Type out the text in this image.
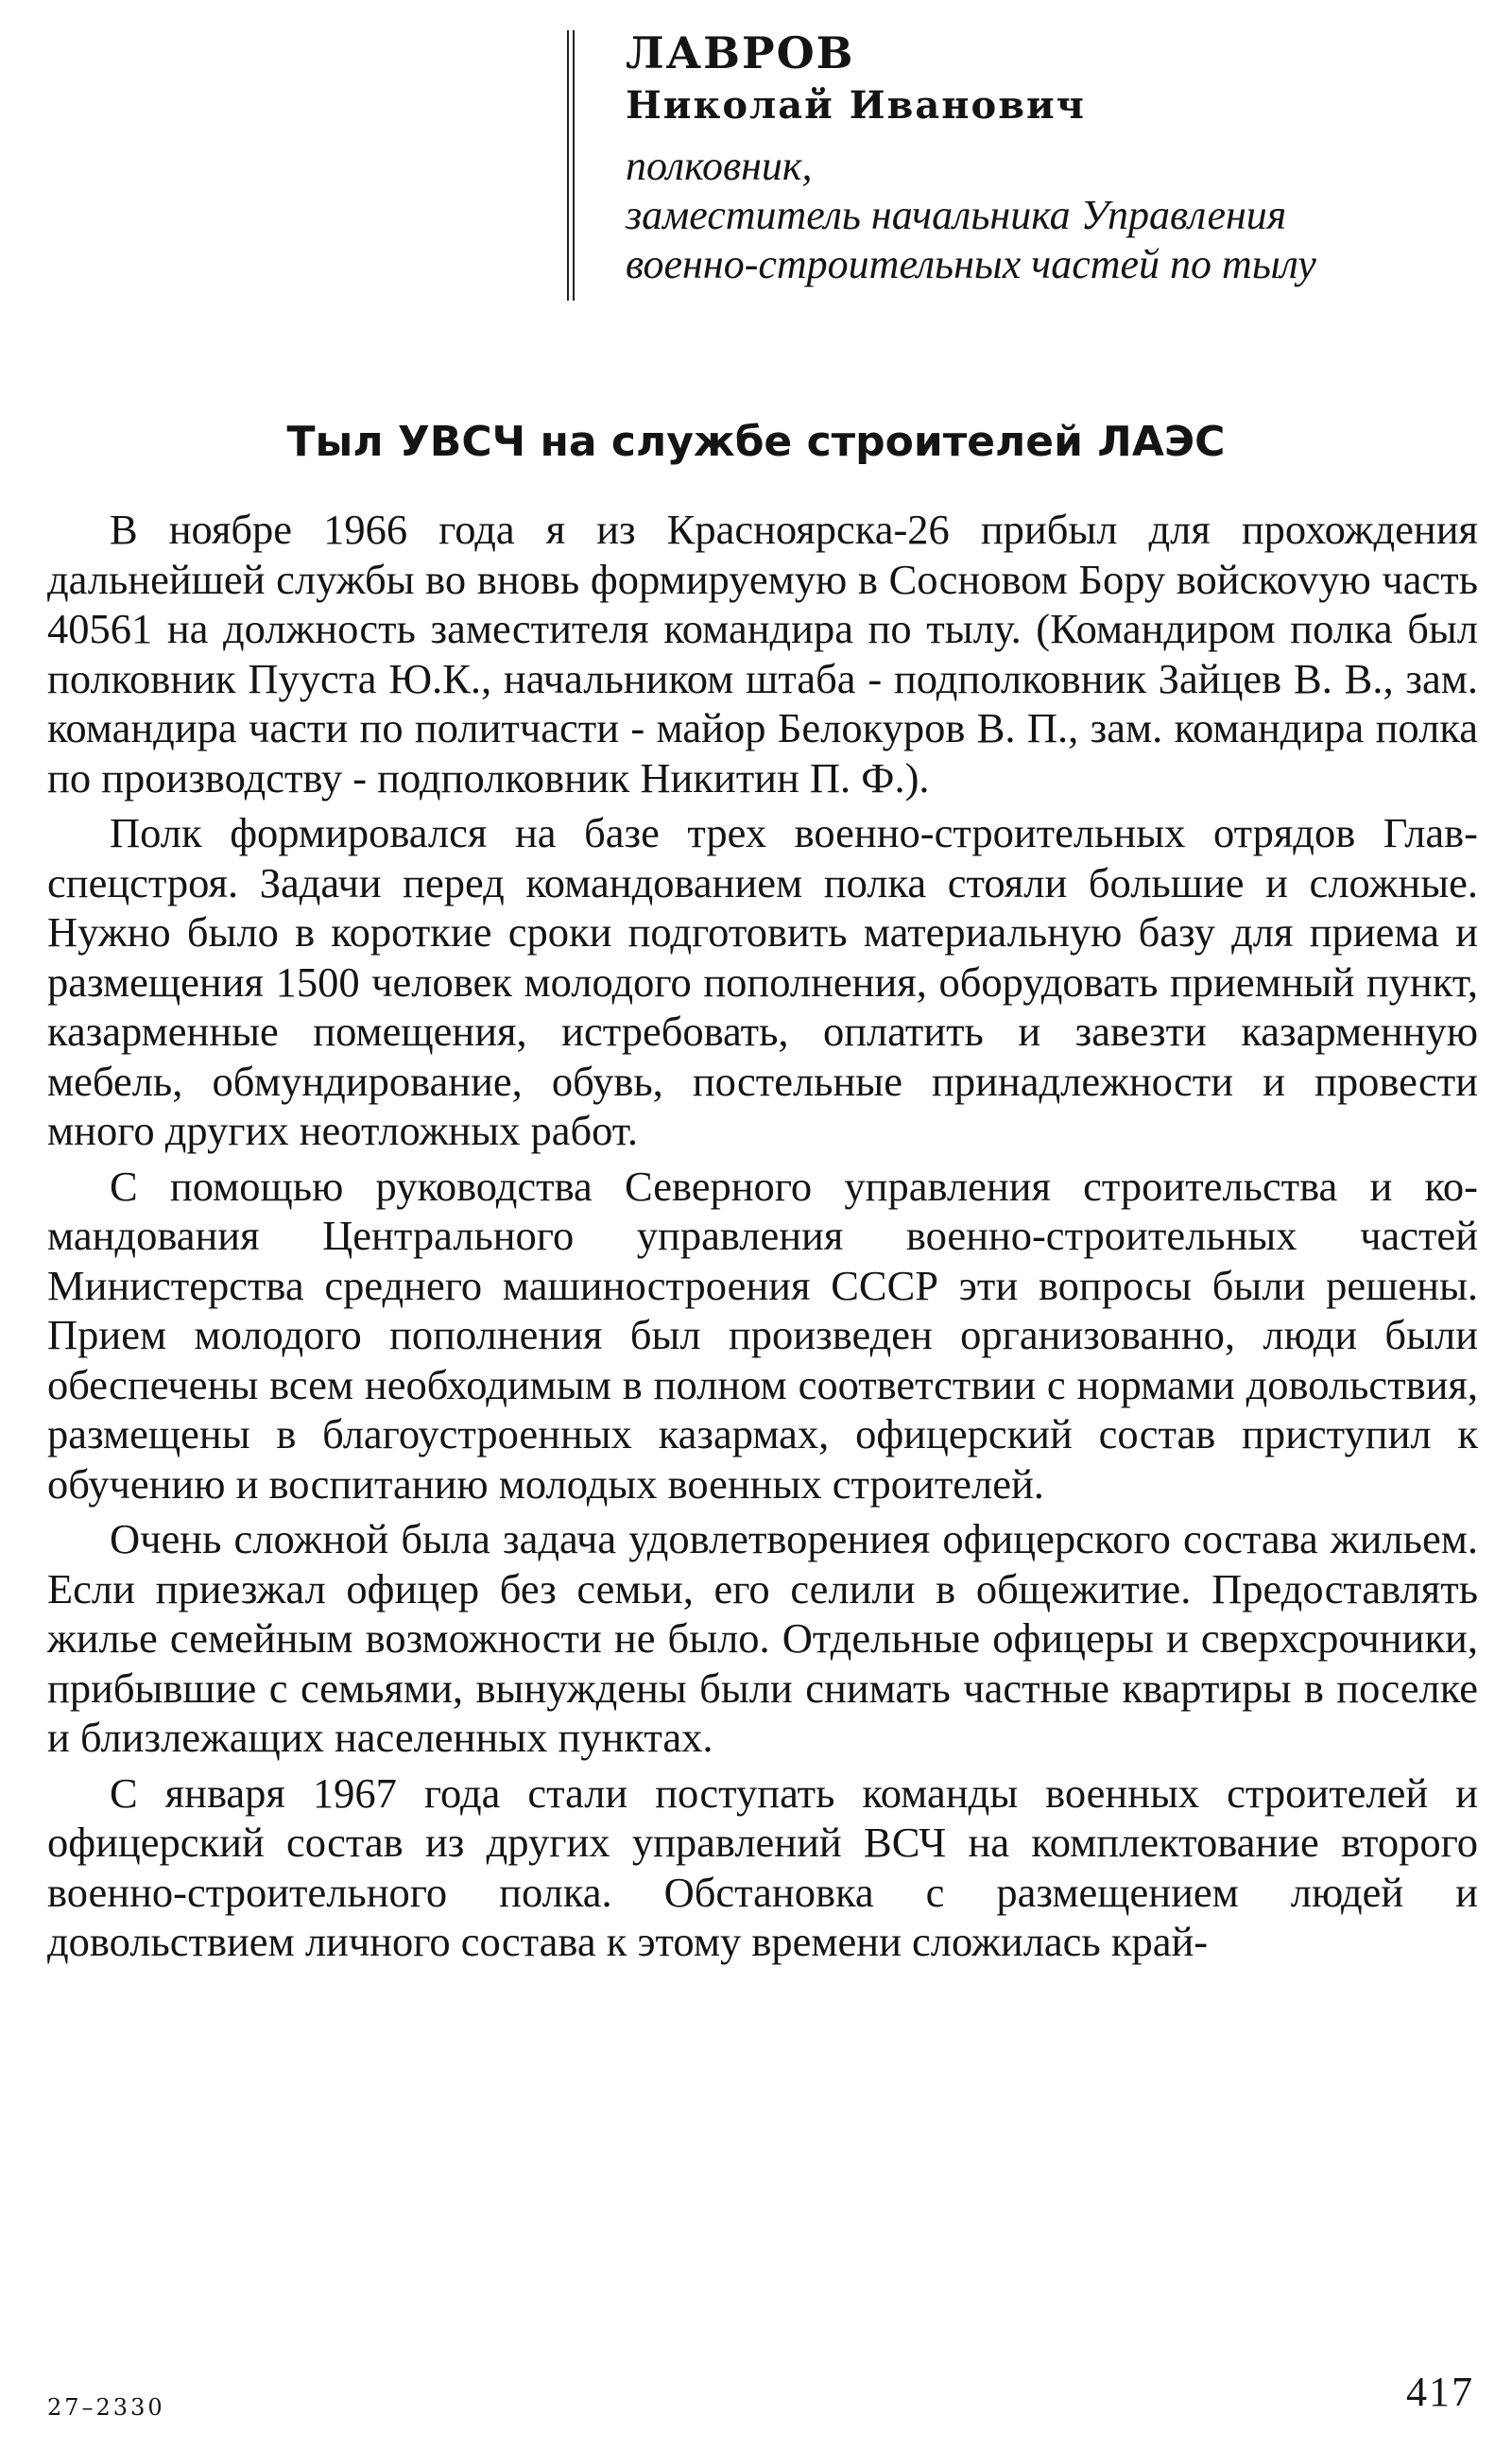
ЛАВРОВ

Николай Иванович

полковник,

заместитель начальника Управления

военно-строительных частей по тылу

Тыл УВСЧ на службе строителей ЛАЭС

В ноябре 1966 года я из Красноярска-26 прибыл для прохождения дальнейшей службы во вновь формируемую в Сосновом Бору войскоvую часть 40561 на должность заместителя командира по тылу. (Командиром полка был полковник Пууста Ю.К., начальником штаба - подполковник Зайцев В. В., зам. командира части по политчасти - майор Белокуров В. П., зам. командира полка по производству - подполковник Никитин П. Ф.).

Полк формировался на базе трех военно-строительных отрядов Главспецстроя. Задачи перед командованием полка стояли большие и сложные. Нужно было в короткие сроки подготовить материальную базу для приема и размещения 1500 человек молодого пополнения, оборудовать приемный пункт, казарменные помещения, истребовать, оплатить и завезти казарменную мебель, обмундирование, обувь, постельные принадлежности и провести много других неотложных работ.

С помощью руководства Северного управления строительства и командования Центрального управления военно-строительных частей Министерства среднего машиностроения СССР эти вопросы были решены. Прием молодого пополнения был произведен организованно, люди были обеспечены всем необходимым в полном соответствии с нормами довольствия, размещены в благоустроенных казармах, офицерский состав приступил к обучению и воспитанию молодых военных строителей.

Очень сложной была задача удовлетворениея офицерского состава жильем. Если приезжал офицер без семьи, его селили в общежитие. Предоставлять жилье семейным возможности не было. Отдельные офицеры и сверхсрочники, прибывшие с семьями, вынуждены были снимать частные квартиры в поселке и близлежащих населенных пунктах.

С января 1967 года стали поступать команды военных строителей и офицерский состав из других управлений ВСЧ на комплектование второго военно-строительного полка. Обстановка с размещением людей и довольствием личного состава к этому времени сложилась край-

27–2330	417
